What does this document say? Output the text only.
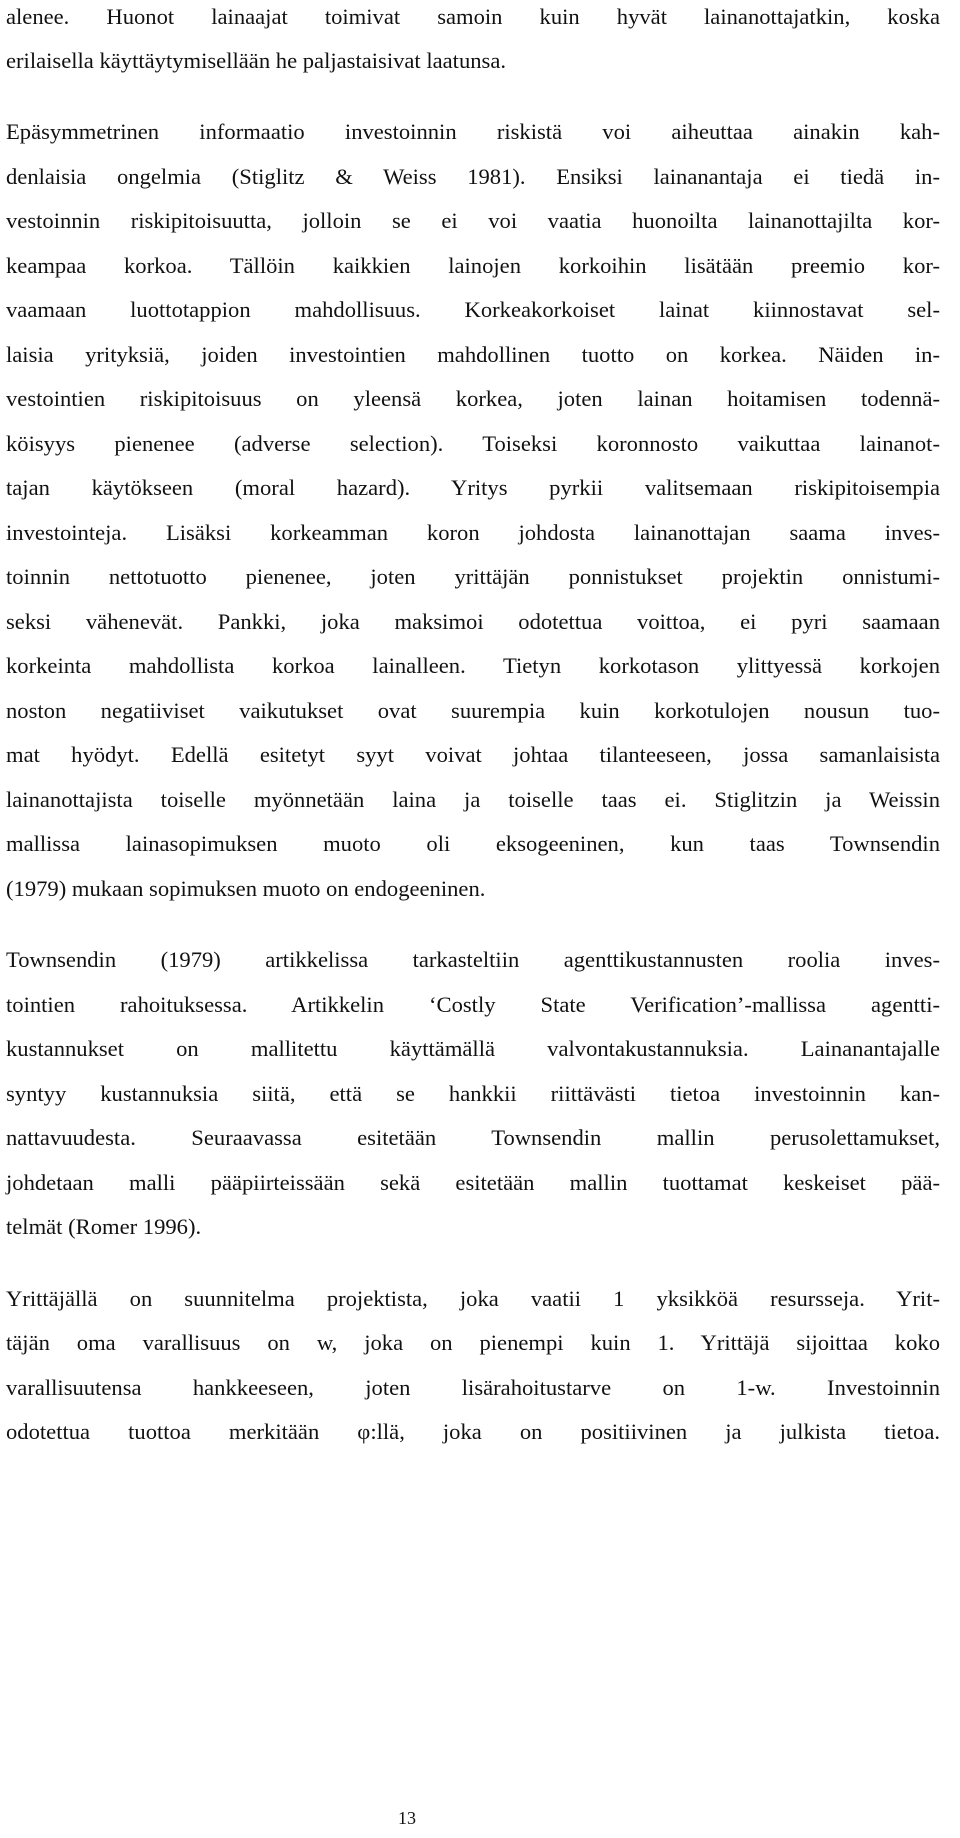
alenee. Huonot lainaajat toimivat samoin kuin hyvät lainanottajatkin, koska
erilaisella käyttäytymisellään he paljastaisivat laatunsa.
Epäsymmetrinen informaatio investoinnin riskistä voi aiheuttaa ainakin kah-
denlaisia ongelmia (Stiglitz & Weiss 1981). Ensiksi lainanantaja ei tiedä in-
vestoinnin riskipitoisuutta, jolloin se ei voi vaatia huonoilta lainanottajilta kor-
keampaa korkoa. Tällöin kaikkien lainojen korkoihin lisätään preemio kor-
vaamaan luottotappion mahdollisuus. Korkeakorkoiset lainat kiinnostavat sel-
laisia yrityksiä, joiden investointien mahdollinen tuotto on korkea. Näiden in-
vestointien riskipitoisuus on yleensä korkea, joten lainan hoitamisen todennä-
köisyys pienenee (adverse selection). Toiseksi koronnosto vaikuttaa lainanot-
tajan käytökseen (moral hazard). Yritys pyrkii valitsemaan riskipitoisempia
investointeja. Lisäksi korkeamman koron johdosta lainanottajan saama inves-
toinnin nettotuotto pienenee, joten yrittäjän ponnistukset projektin onnistumi-
seksi vähenevät. Pankki, joka maksimoi odotettua voittoa, ei pyri saamaan
korkeinta mahdollista korkoa lainalleen. Tietyn korkotason ylittyessä korkojen
noston negatiiviset vaikutukset ovat suurempia kuin korkotulojen nousun tuo-
mat hyödyt. Edellä esitetyt syyt voivat johtaa tilanteeseen, jossa samanlaisista
lainanottajista toiselle myönnetään laina ja toiselle taas ei. Stiglitzin ja Weissin
mallissa lainasopimuksen muoto oli eksogeeninen, kun taas Townsendin
(1979) mukaan sopimuksen muoto on endogeeninen.
Townsendin (1979) artikkelissa tarkasteltiin agenttikustannusten roolia inves-
tointien rahoituksessa. Artikkelin ‘Costly State Verification’-mallissa agentti-
kustannukset on mallitettu käyttämällä valvontakustannuksia. Lainanantajalle
syntyy kustannuksia siitä, että se hankkii riittävästi tietoa investoinnin kan-
nattavuudesta. Seuraavassa esitetään Townsendin mallin perusolettamukset,
johdetaan malli pääpiirteissään sekä esitetään mallin tuottamat keskeiset pää-
telmät (Romer 1996).
Yrittäjällä on suunnitelma projektista, joka vaatii 1 yksikköä resursseja. Yrit-
täjän oma varallisuus on w, joka on pienempi kuin 1. Yrittäjä sijoittaa koko
varallisuutensa hankkeeseen, joten lisärahoitustarve on 1-w. Investoinnin
odotettua tuottoa merkitään φ:llä, joka on positiivinen ja julkista tietoa.
13
